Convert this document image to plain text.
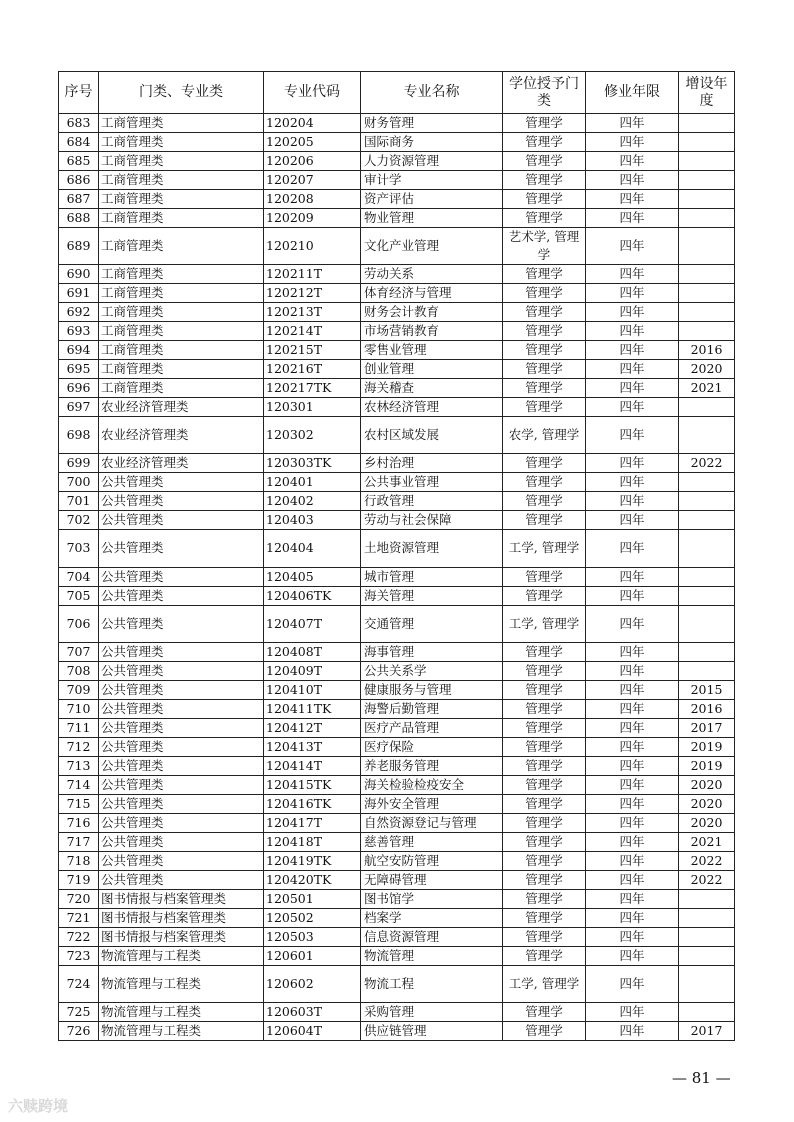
序号	门类、专业类	专业代码	专业名称	学位授予门类	修业年限	增设年度
683	工商管理类	120204	财务管理	管理学	四年	
684	工商管理类	120205	国际商务	管理学	四年	
685	工商管理类	120206	人力资源管理	管理学	四年	
686	工商管理类	120207	审计学	管理学	四年	
687	工商管理类	120208	资产评估	管理学	四年	
688	工商管理类	120209	物业管理	管理学	四年	
689	工商管理类	120210	文化产业管理	艺术学, 管理学	四年	
690	工商管理类	120211T	劳动关系	管理学	四年	
691	工商管理类	120212T	体育经济与管理	管理学	四年	
692	工商管理类	120213T	财务会计教育	管理学	四年	
693	工商管理类	120214T	市场营销教育	管理学	四年	
694	工商管理类	120215T	零售业管理	管理学	四年	2016
695	工商管理类	120216T	创业管理	管理学	四年	2020
696	工商管理类	120217TK	海关稽查	管理学	四年	2021
697	农业经济管理类	120301	农林经济管理	管理学	四年	
698	农业经济管理类	120302	农村区域发展	农学, 管理学	四年	
699	农业经济管理类	120303TK	乡村治理	管理学	四年	2022
700	公共管理类	120401	公共事业管理	管理学	四年	
701	公共管理类	120402	行政管理	管理学	四年	
702	公共管理类	120403	劳动与社会保障	管理学	四年	
703	公共管理类	120404	土地资源管理	工学, 管理学	四年	
704	公共管理类	120405	城市管理	管理学	四年	
705	公共管理类	120406TK	海关管理	管理学	四年	
706	公共管理类	120407T	交通管理	工学, 管理学	四年	
707	公共管理类	120408T	海事管理	管理学	四年	
708	公共管理类	120409T	公共关系学	管理学	四年	
709	公共管理类	120410T	健康服务与管理	管理学	四年	2015
710	公共管理类	120411TK	海警后勤管理	管理学	四年	2016
711	公共管理类	120412T	医疗产品管理	管理学	四年	2017
712	公共管理类	120413T	医疗保险	管理学	四年	2019
713	公共管理类	120414T	养老服务管理	管理学	四年	2019
714	公共管理类	120415TK	海关检验检疫安全	管理学	四年	2020
715	公共管理类	120416TK	海外安全管理	管理学	四年	2020
716	公共管理类	120417T	自然资源登记与管理	管理学	四年	2020
717	公共管理类	120418T	慈善管理	管理学	四年	2021
718	公共管理类	120419TK	航空安防管理	管理学	四年	2022
719	公共管理类	120420TK	无障碍管理	管理学	四年	2022
720	图书情报与档案管理类	120501	图书馆学	管理学	四年	
721	图书情报与档案管理类	120502	档案学	管理学	四年	
722	图书情报与档案管理类	120503	信息资源管理	管理学	四年	
723	物流管理与工程类	120601	物流管理	管理学	四年	
724	物流管理与工程类	120602	物流工程	工学, 管理学	四年	
725	物流管理与工程类	120603T	采购管理	管理学	四年	
726	物流管理与工程类	120604T	供应链管理	管理学	四年	2017
— 81 —
六赎跨境
